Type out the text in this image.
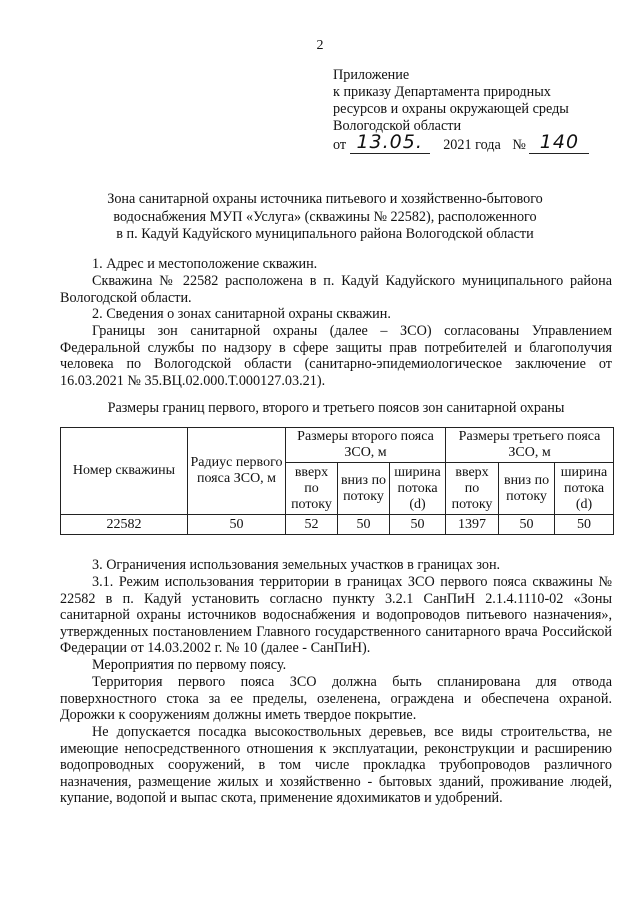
2
Приложение
к приказу Департамента природных
ресурсов и охраны окружающей среды
Вологодской области
от 13.05. 2021 года № 140
Зона санитарной охраны источника питьевого и хозяйственно-бытового
водоснабжения МУП «Услуга» (скважины № 22582), расположенного
в п. Кадуй Кадуйского муниципального района Вологодской области
1. Адрес и местоположение скважин.
Скважина № 22582 расположена в п. Кадуй Кадуйского муниципального района Вологодской области.
2. Сведения о зонах санитарной охраны скважин.
Границы зон санитарной охраны (далее – ЗСО) согласованы Управлением Федеральной службы по надзору в сфере защиты прав потребителей и благополучия человека по Вологодской области (санитарно-эпидемиологическое заключение от 16.03.2021 № 35.ВЦ.02.000.Т.000127.03.21).
Размеры границ первого, второго и третьего поясов зон санитарной охраны
Номер скважины	Радиус первого пояса ЗСО, м	Размеры второго пояса ЗСО, м			Размеры третьего пояса ЗСО, м		
		вверх по потоку	вниз по потоку	ширина потока (d)	вверх по потоку	вниз по потоку	ширина потока (d)
22582	50	52	50	50	1397	50	50
3. Ограничения использования земельных участков в границах зон.
3.1. Режим использования территории в границах ЗСО первого пояса скважины № 22582 в п. Кадуй установить согласно пункту 3.2.1 СанПиН 2.1.4.1110-02 «Зоны санитарной охраны источников водоснабжения и водопроводов питьевого назначения», утвержденных постановлением Главного государственного санитарного врача Российской Федерации от 14.03.2002 г. № 10 (далее - СанПиН).
Мероприятия по первому поясу.
Территория первого пояса ЗСО должна быть спланирована для отвода поверхностного стока за ее пределы, озеленена, ограждена и обеспечена охраной. Дорожки к сооружениям должны иметь твердое покрытие.
Не допускается посадка высокоствольных деревьев, все виды строительства, не имеющие непосредственного отношения к эксплуатации, реконструкции и расширению водопроводных сооружений, в том числе прокладка трубопроводов различного назначения, размещение жилых и хозяйственно - бытовых зданий, проживание людей, купание, водопой и выпас скота, применение ядохимикатов и удобрений.
